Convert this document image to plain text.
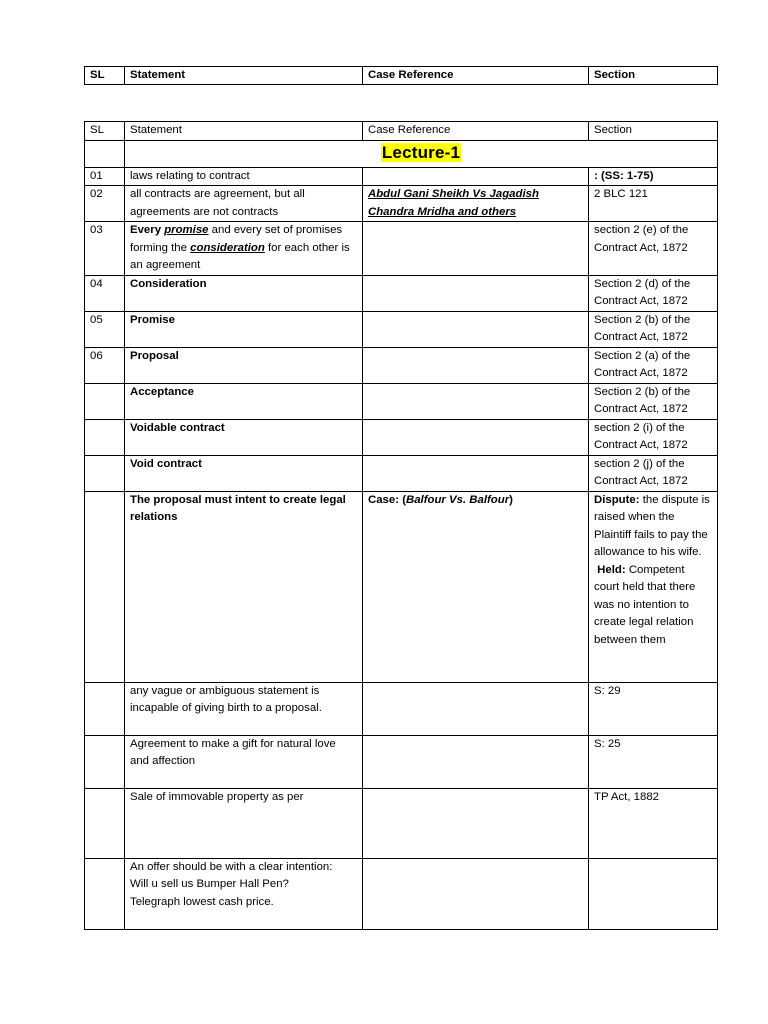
SL	Statement	Case Reference	Section
SL	Statement	Case Reference	Section
	Lecture-1		
01	laws relating to contract		: (SS: 1-75)
02	all contracts are agreement, but all agreements are not contracts	Abdul Gani Sheikh Vs Jagadish Chandra Mridha and others	2 BLC 121
03	Every promise and every set of promises forming the consideration for each other is an agreement		section 2 (e) of the Contract Act, 1872
04	Consideration		Section 2 (d) of the Contract Act, 1872
05	Promise		Section 2 (b) of the Contract Act, 1872
06	Proposal		Section 2 (a) of the Contract Act, 1872
	Acceptance		Section 2 (b) of the Contract Act, 1872
	Voidable contract		section 2 (i) of the Contract Act, 1872
	Void contract		section 2 (j) of the Contract Act, 1872
	The proposal must intent to create legal relations	Case: (Balfour Vs. Balfour)	Dispute: the dispute is raised when the Plaintiff fails to pay the allowance to his wife.
Held: Competent court held that there was no intention to create legal relation between them
	any vague or ambiguous statement is incapable of giving birth to a proposal.		S: 29
	Agreement to make a gift for natural love and affection		S: 25
	Sale of immovable property as per		TP Act, 1882
	An offer should be with a clear intention:
Will u sell us Bumper Hall Pen?
Telegraph lowest cash price.		
